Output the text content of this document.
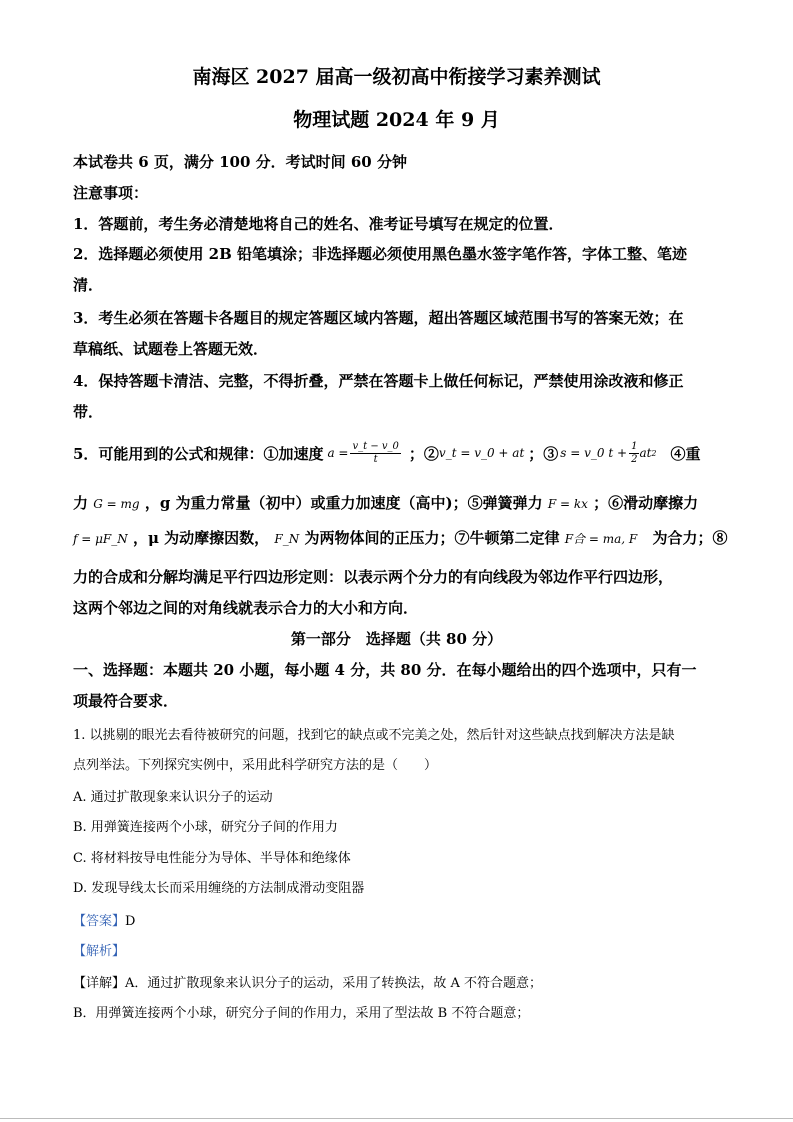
南海区 2027 届高一级初高中衔接学习素养测试
物理试题 2024 年 9 月
本试卷共 6 页，满分 100 分．考试时间 60 分钟
注意事项：
1．答题前，考生务必清楚地将自己的姓名、准考证号填写在规定的位置．
2．选择题必须使用 2B 铅笔填涂；非选择题必须使用黑色墨水签字笔作答，字体工整、笔迹
清．
3．考生必须在答题卡各题目的规定答题区域内答题，超出答题区域范围书写的答案无效；在
草稿纸、试题卷上答题无效．
4．保持答题卡清洁、完整，不得折叠，严禁在答题卡上做任何标记，严禁使用涂改液和修正
带．
5．可能用到的公式和规律：①加速度 $a = \frac{v\_t - v\_0}{t}$ ；② v_t = v_0 + at ；③ s = v_0 $t + \frac{1}{2}$ at 2 ④重
力 G = mg ，g 为重力常量（初中）或重力加速度（高中)；⑤弹簧弹力 F = kx ；⑥滑动摩擦力
f = μF_N ，μ 为动摩擦因数， F_N 为两物体间的正压力；⑦牛顿第二定律 F合 = ma, F 为合力；⑧
力的合成和分解均满足平行四边形定则：以表示两个分力的有向线段为邻边作平行四边形，
这两个邻边之间的对角线就表示合力的大小和方向．
第一部分　选择题（共 80 分）
一、选择题：本题共 20 小题，每小题 4 分，共 80 分．在每小题给出的四个选项中，只有一
项最符合要求．
1. 以挑剔的眼光去看待被研究的问题，找到它的缺点或不完美之处，然后针对这些缺点找到解决方法是缺
点列举法。下列探究实例中，采用此科学研究方法的是（　　）
A. 通过扩散现象来认识分子的运动
B. 用弹簧连接两个小球，研究分子间的作用力
C. 将材料按导电性能分为导体、半导体和绝缘体
D. 发现导线太长而采用缠绕的方法制成滑动变阻器
【答案】D
【解析】
【详解】A．通过扩散现象来认识分子的运动，采用了转换法，故 A 不符合题意；
B．用弹簧连接两个小球，研究分子间的作用力，采用了型法故 B 不符合题意；
